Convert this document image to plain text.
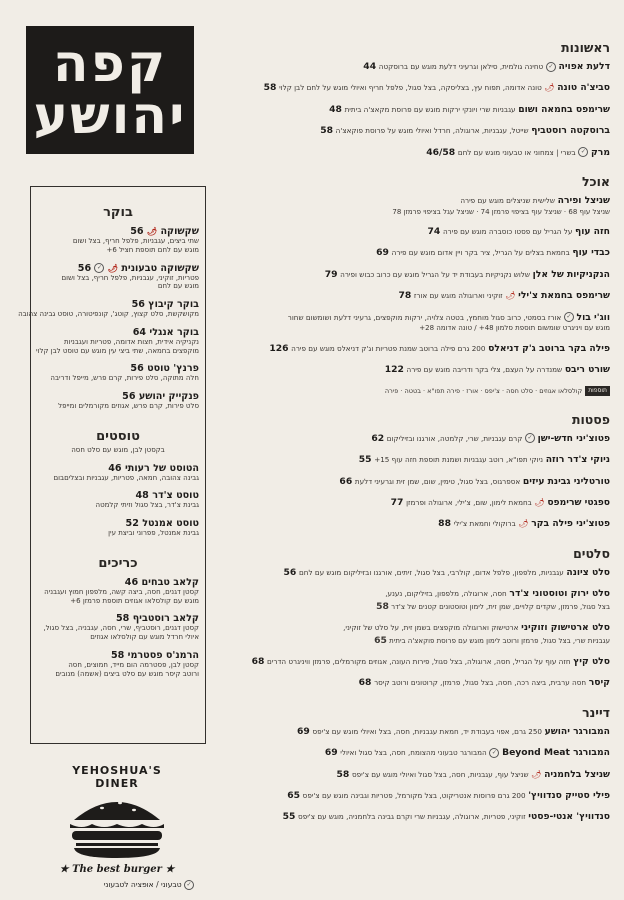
קפה
יהושע
בוקר
שקשוקה 🌶 56
שתי ביצים, עגבניות, פלפל חריף, בצל ושום
מוגש עם לחם תוספת חציל 6+
שקשוקה טבעונית 🌶 ✓ 56
פטריות, זוקיני, עגבניות, פלפל חריף, בצל ושום
מוגש עם לחם
בוקר קיבוץ 56
מקושקשת, סלט קצוץ, קוטג', קונפיטורה, טוסט גבינה צהובה
בוקר אנגלי 64
נקניקיה אידית, חצות אדומה, פטריות ועגבניות
מוקפצים בחמאה, שתי ביצי עין מוגש עם טוסט לבן קלוי
פרנץ' טוסט 56
חלה מתוקה, סלט פירות, קרם פרש, מייפל ודריבה
פנקייק יהושע 56
סלט פירות, קרם פרש, אגוזים מקורמלים ומייפל
טוסטים
בקסטן לבן, מוגש עם סלט חסה
הטוסט של רעותי 46
גבינה צהובה, חמאה, פטריות, עגבניות ובצליםבום
טוסט צ'דר 48
גבינת צ'דר, בצל סגול וזיתי קלמטה
טוסט אמנטל 52
גבינת אמנטל, פפרוני וביצת עין
כריכים
קלאב טבחים 46
קסטן דגנים, חסה, ביצה קשה, מלפפון חמוץ ועגבניה
מוגש עם קולסלאו אגוזים תוספת פרמזן 6+
קלאב רוסטביף 58
קסטן דגנים, רוסטביף, שרי, חסה, עגבניה, בצל סגול,
איולי חרדל מוגש עם קולסלאו אגוזים
הרמנ'ס פסטרמי 58
קסטן לבן, פסטרמה הום מייד, חמוצים, חסה
ורוטב קיסר מוגש עם סלט ביצים (אשמה) מנובים
ראשונות
דלעת אפויה ✓ טחינה גולמית, סילאן וגרעיני דלעת מוגש עם ברוסקטה 44
סביצ'ה טונה 🌶 טונה אדומה, תפוח עץ, בצליסקה, בצל סגול, פלפל חריף ואיולי מוגש על לחם לבן קלוי 58
שרימפס בחמאה ושום עגבניות שרי ויונקי ירקות מוגש עם פרוסת מקאצ'ה ביתית 48
ברוסקטה רוסטביף שייטל, עגבניות, ארוגולה, חרדל ואיולי מוגש על פרוסת פוקאצ'ה 58
מרק ✓ בשרי | צמחוני או טבעוני מוגש עם לחם 46/58
אוכל
שניצל ופירה שלישית שניצלים מוגש עם פירה
שניצל עוף 68 · שניצל עוף בציפוי פרמזן 74 · שניצל עגל בציפוי פרמזן 78
חזה עוף על הגריל עם פסטו כוסברה מוגש עם פירה 74
כבדי עוף בחמאת בצלים על הגריל, ציר בקר ויין אדום מוגש עם פירה 69
הנקניקיות של אלן שלוש נקניקיות בעבודת יד על הגריל מוגש עם כרוב כבוש ופירה 79
שרימפס בחמאת צ'ילי 🌶 זוקיני וארוגולה מוגש עם אורז 78
ווג'י בול ✓ אורז בסמטי, כרוב סגול מוחמץ, בטטה צלויה, ירקות מוקפצים, גרעיני דלעת ושומשום שחור
מוגש עם ויניגרט שומשום תוספת סלמון 48+ / טונה אדומה 28+
פילה בקר ברוטב ג'ק דניאלס 200 גרם פילה ברוטב שמנת פטריות וג'ק דניאלס מוגש עם פירה 126
שורט ריבס שמנדרה על העצם, צלי בקר ודריבה מוגש עם פירה 122
תוספותקולסלאו אגוזים · סלט חסה · צ'יפס · אורז · פירה תפו"א · בטטה · פירה
פסטות
פטוצ'יני חדש-ישן ✓ קרם עגבניות, שרי, קלמטה, אורגנו ובזיליקום 62
ניוקי צ'דר רוזה ניוקי תפו"א, רוטב עגבניות ושמנת תוספת חזה עוף 15+ 55
טורטליני גבינת עיזים אספרגוס, בצל סגול, טימין, שום, שמן זית וגרעיני דלעת 66
ספגטי שרימפס 🌶 בחמאת לימון, שום, צ'ילי, ארוגולה ופרמזן 77
פטוצ'יני פילה בקר 🌶 ברוקולי וחמאת צ'ילי 88
סלטים
סלט ציונה עגבניות, מלפפון, פלפל אדום, קולרבי, בצל סגול, זיתים, אורגנו ובזיליקום מוגש עם לחם 56
סלט ירוק וטוסטוני צ'דר חסה, ארוגולה, מלפפון, בזיליקום, נענע,
בצל סגול, פרמזן, שקדים קלויים, שמן זית, לימון וטוסטונים קטנים של צ'דר 58
סלט ארטישוק וזוקיני ארטישוק וארוגולה מוקפצים בשמן זית, על סלט של זוקיני,
עגבניות שרי, בצל סגול, פרמזן ורוטב לימון מוגש עם פרוסת פוקאצ'ה ביתית 65
סלט קיץ חזה עוף על הגריל, חסה, ארוגולה, בצל סגול, פירות העונה, אגוזים מקורמלים, פרמזן וויניגרט הדרים 68
קיסר חסה ערבית, ביצה רכה, חסה, בצל סגול, פרמזן, קרוטונים ורוטב קיסר 68
דיינר
המבורגר יהושע 250 גרם, אפוי בעבודת יד, חמאת עגבניות, חסה, בצל ואיולי מוגש עם צ'יפס 69
המבורגר Beyond Meat ✓ המבורגר טבעוני מהצומח, חסה, בצל סגול ואיולי 69
שניצל בלחמניה 🌶 שניצל עוף, עגבניות, חסה, בצל סגול ואיולי מוגש עם צ'יפס 58
פילי סטייק סנדוויץ' 200 גרם פרוסות אנטריקוט, בצל מקורמל, פטריות וגבינה מוגש עם צ'יפס 65
סנדוויץ' אנטי-פסטי זוקיני, פטריות, ארוגולה, עגבניות שרי וקרם גבינה בלחמניה, מוגש עם צ'יפס 55
YEHOSHUA'S DINER
★ The best burger ★
✓ טבעוני / אופציה לטבעוני
